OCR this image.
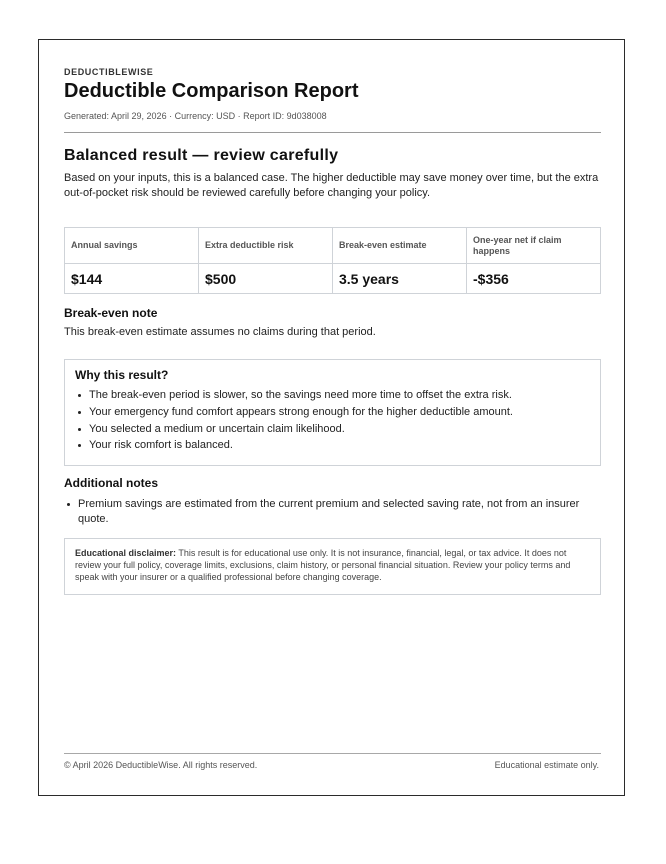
DEDUCTIBLEWISE
Deductible Comparison Report
Generated: April 29, 2026 · Currency: USD · Report ID: 9d038008
Balanced result — review carefully
Based on your inputs, this is a balanced case. The higher deductible may save money over time, but the extra out-of-pocket risk should be reviewed carefully before changing your policy.
Annual savings
$144
Extra deductible risk
$500
Break-even estimate
3.5 years
One-year net if claim happens
-$356
Break-even note
This break-even estimate assumes no claims during that period.
Why this result?
The break-even period is slower, so the savings need more time to offset the extra risk.
Your emergency fund comfort appears strong enough for the higher deductible amount.
You selected a medium or uncertain claim likelihood.
Your risk comfort is balanced.
Additional notes
Premium savings are estimated from the current premium and selected saving rate, not from an insurer quote.
Educational disclaimer: This result is for educational use only. It is not insurance, financial, legal, or tax advice. It does not review your full policy, coverage limits, exclusions, claim history, or personal financial situation. Review your policy terms and speak with your insurer or a qualified professional before changing coverage.
© April 2026 DeductibleWise. All rights reserved.	Educational estimate only.
